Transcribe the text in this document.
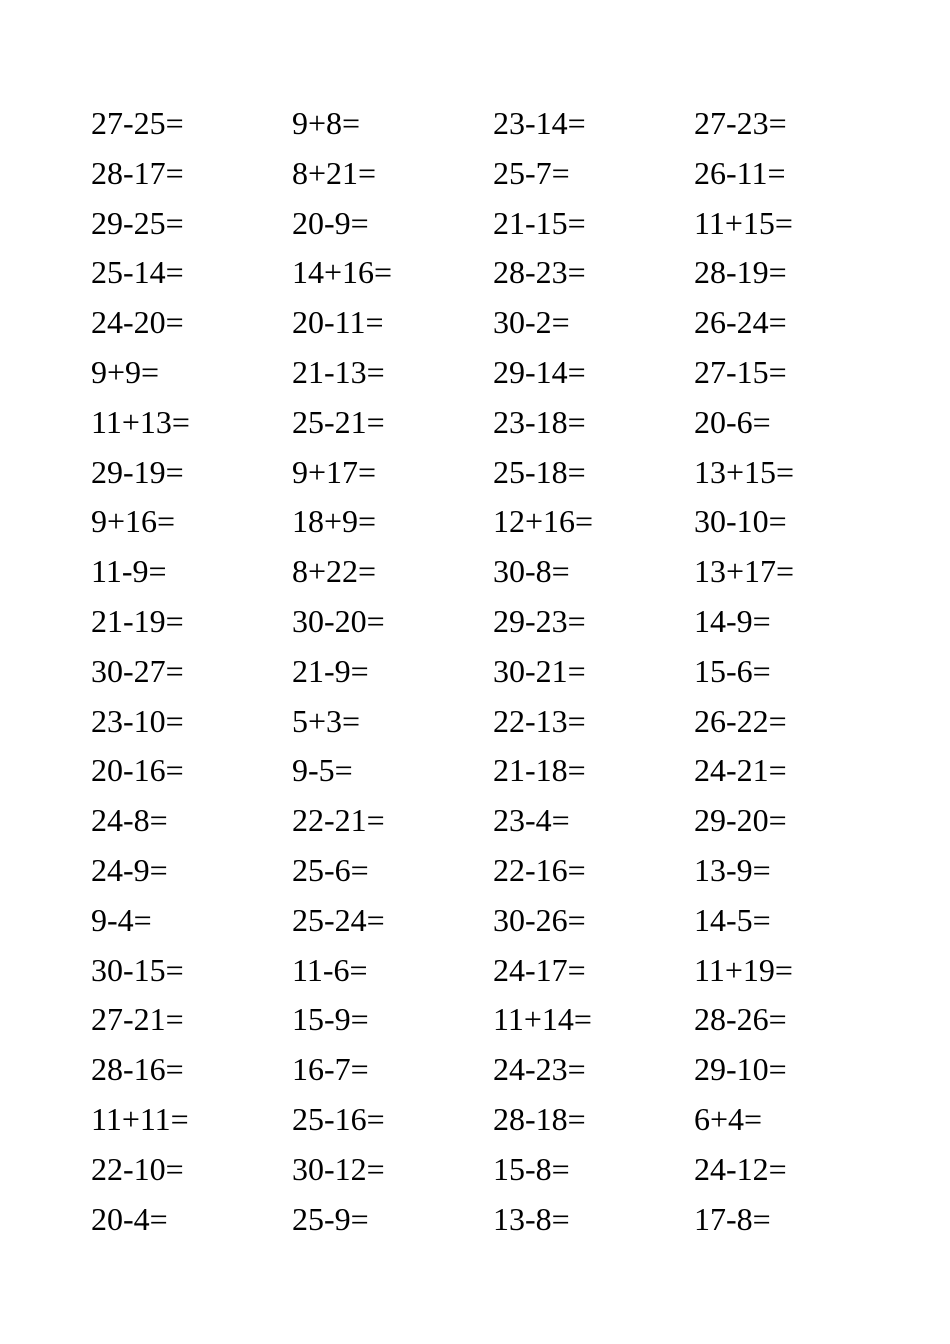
27-25=	9+8=	23-14=	27-23=
28-17=	8+21=	25-7=	26-11=
29-25=	20-9=	21-15=	11+15=
25-14=	14+16=	28-23=	28-19=
24-20=	20-11=	30-2=	26-24=
9+9=	21-13=	29-14=	27-15=
11+13=	25-21=	23-18=	20-6=
29-19=	9+17=	25-18=	13+15=
9+16=	18+9=	12+16=	30-10=
11-9=	8+22=	30-8=	13+17=
21-19=	30-20=	29-23=	14-9=
30-27=	21-9=	30-21=	15-6=
23-10=	5+3=	22-13=	26-22=
20-16=	9-5=	21-18=	24-21=
24-8=	22-21=	23-4=	29-20=
24-9=	25-6=	22-16=	13-9=
9-4=	25-24=	30-26=	14-5=
30-15=	11-6=	24-17=	11+19=
27-21=	15-9=	11+14=	28-26=
28-16=	16-7=	24-23=	29-10=
11+11=	25-16=	28-18=	6+4=
22-10=	30-12=	15-8=	24-12=
20-4=	25-9=	13-8=	17-8=
